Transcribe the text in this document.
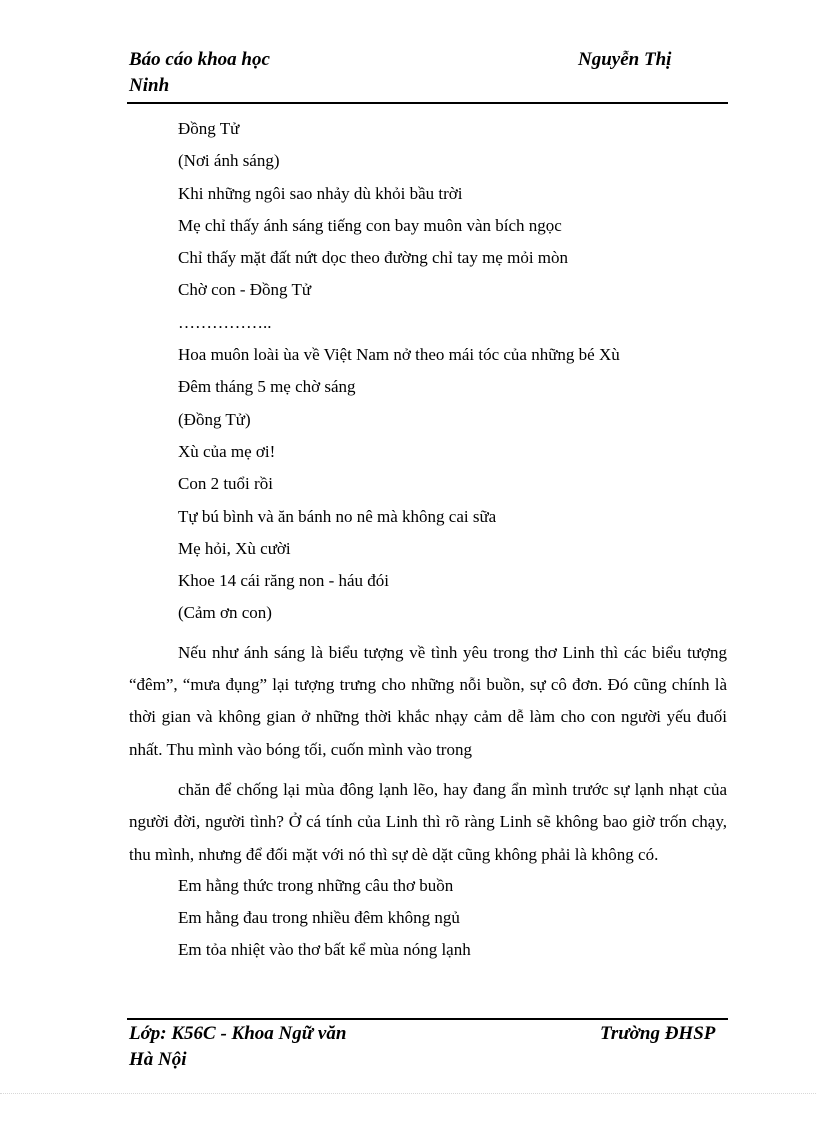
Báo cáo khoa học
Ninh
Nguyễn Thị
Đồng Tử
(Nơi ánh sáng)
Khi những ngôi sao nhảy dù khỏi bầu trời
Mẹ chỉ thấy ánh sáng tiếng con bay muôn vàn bích ngọc
Chỉ thấy mặt đất nứt dọc theo đường chỉ tay mẹ mỏi mòn
Chờ con - Đồng Tử
……………..
Hoa muôn loài ùa về Việt Nam nở theo mái tóc của những bé Xù
Đêm tháng 5 mẹ chờ sáng
(Đồng Tử)
Xù của mẹ ơi!
Con 2 tuổi rồi
Tự bú bình và ăn bánh no nê mà không cai sữa
Mẹ hỏi, Xù cười
Khoe 14 cái răng non - háu đói
(Cảm ơn con)

Nếu như ánh sáng là biểu tượng về tình yêu trong thơ Linh thì các biểu tượng “đêm”, “mưa đụng” lại tượng trưng cho những nỗi buồn, sự cô đơn. Đó cũng chính là thời gian và không gian ở những thời khắc nhạy cảm dễ làm cho con người yếu đuối nhất. Thu mình vào bóng tối, cuốn mình vào trong

chăn để chống lại mùa đông lạnh lẽo, hay đang ẩn mình trước sự lạnh nhạt của người đời, người tình? Ở cá tính của Linh thì rõ ràng Linh sẽ không bao giờ trốn chạy, thu mình, nhưng để đối mặt với nó thì sự dè dặt cũng không phải là không có.

Em hằng thức trong những câu thơ buồn
Em hằng đau trong nhiều đêm không ngủ
Em tỏa nhiệt vào thơ bất kể mùa nóng lạnh
Lớp: K56C - Khoa Ngữ văn
Hà Nội
Trường ĐHSP
